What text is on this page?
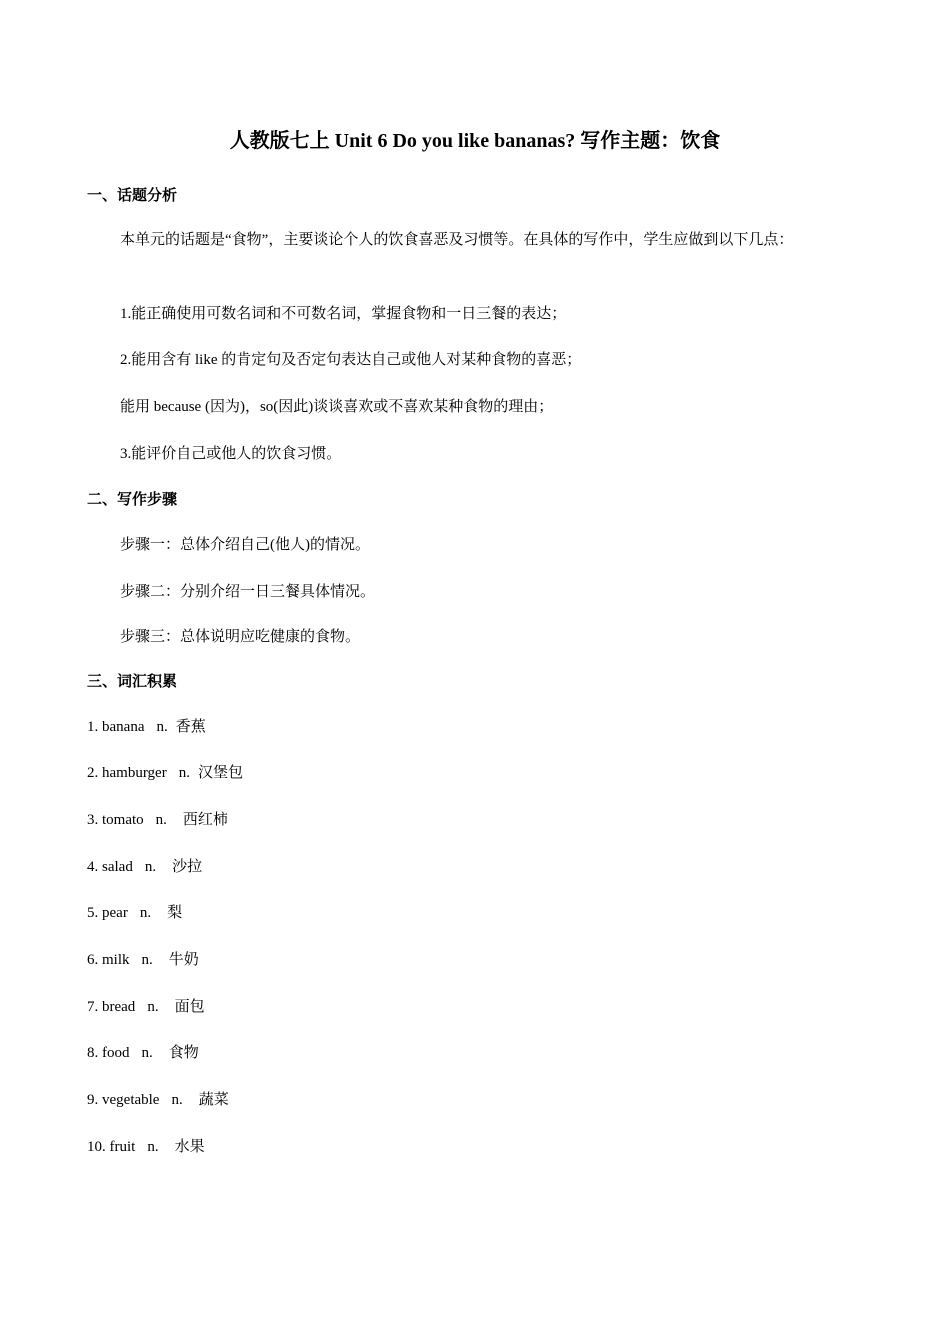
人教版七上 Unit 6 Do you like bananas? 写作主题：饮食
一、话题分析
本单元的话题是“食物”，主要谈论个人的饮食喜恶及习惯等。在具体的写作中，学生应做到以下几点：
1.能正确使用可数名词和不可数名词，掌握食物和一日三餐的表达；
2.能用含有 like 的肯定句及否定句表达自己或他人对某种食物的喜恶；
能用 because (因为)，so(因此)谈谈喜欢或不喜欢某种食物的理由；
3.能评价自己或他人的饮食习惯。
二、写作步骤
步骤一：总体介绍自己(他人)的情况。
步骤二：分别介绍一日三餐具体情况。
步骤三：总体说明应吃健康的食物。
三、词汇积累
1. banana n. 香蕉
2. hamburger n. 汉堡包
3. tomato n. 西红柿
4. salad n. 沙拉
5. pear n. 梨
6. milk n. 牛奶
7. bread n. 面包
8. food n. 食物
9. vegetable n. 蔬菜
10. fruit n. 水果
